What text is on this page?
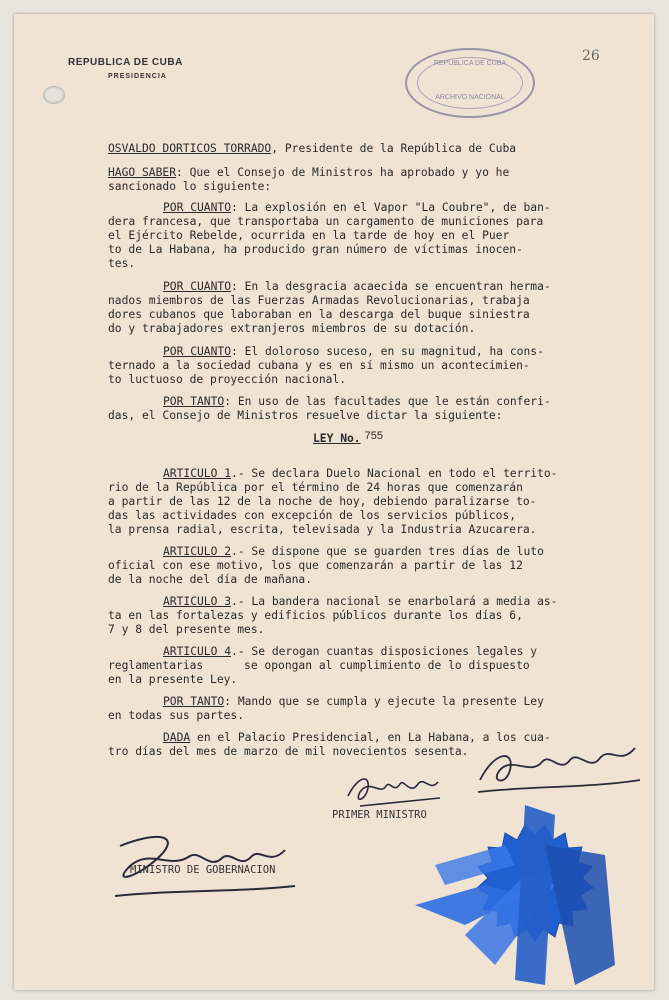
REPUBLICA DE CUBA
PRESIDENCIA
26
REPUBLICA DE CUBA
ARCHIVO NACIONAL
OSVALDO DORTICOS TORRADO, Presidente de la República de Cuba
HAGO SABER: Que el Consejo de Ministros ha aprobado y yo he
sancionado lo siguiente:
POR CUANTO: La explosión en el Vapor "La Coubre", de ban-
dera francesa, que transportaba un cargamento de municiones para
el Ejército Rebelde, ocurrida en la tarde de hoy en el Puer
to de La Habana, ha producido gran número de víctimas inocen-
tes.
POR CUANTO: En la desgracia acaecida se encuentran herma-
nados miembros de las Fuerzas Armadas Revolucionarias, trabaja
dores cubanos que laboraban en la descarga del buque siniestra
do y trabajadores extranjeros miembros de su dotación.
POR CUANTO: El doloroso suceso, en su magnitud, ha cons-
ternado a la sociedad cubana y es en sí mismo un acontecimien-
to luctuoso de proyección nacional.
POR TANTO: En uso de las facultades que le están conferi-
das, el Consejo de Ministros resuelve dictar la siguiente:
LEY No. 755
ARTICULO 1.- Se declara Duelo Nacional en todo el territo-
rio de la República por el término de 24 horas que comenzarán
a partir de las 12 de la noche de hoy, debiendo paralizarse to-
das las actividades con excepción de los servicios públicos,
la prensa radial, escrita, televisada y la Industria Azucarera.
ARTICULO 2.- Se dispone que se guarden tres días de luto
oficial con ese motivo, los que comenzarán a partir de las 12
de la noche del día de mañana.
ARTICULO 3.- La bandera nacional se enarbolará a media as-
ta en las fortalezas y edificios públicos durante los días 6,
7 y 8 del presente mes.
ARTICULO 4.- Se derogan cuantas disposiciones legales y
reglamentarias      se opongan al cumplimiento de lo dispuesto
en la presente Ley.
POR TANTO: Mando que se cumpla y ejecute la presente Ley
en todas sus partes.
DADA en el Palacio Presidencial, en La Habana, a los cua-
tro días del mes de marzo de mil novecientos sesenta.
PRIMER MINISTRO
MINISTRO DE GOBERNACION
